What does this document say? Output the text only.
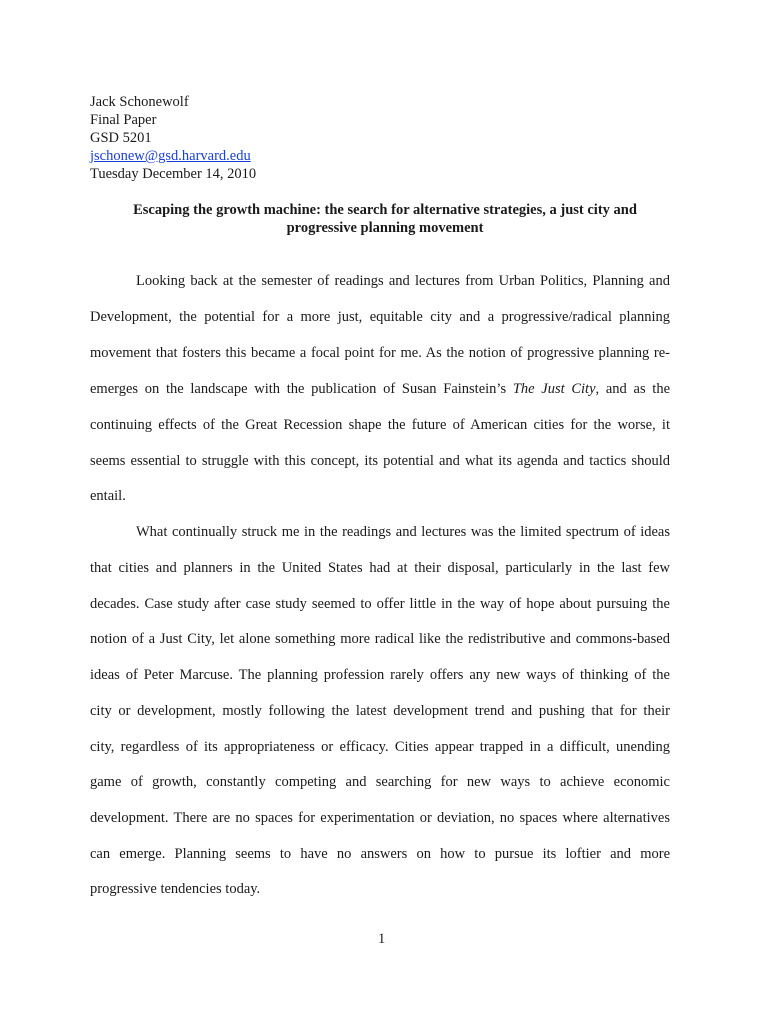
Jack Schonewolf
Final Paper
GSD 5201
jschonew@gsd.harvard.edu
Tuesday December 14, 2010
Escaping the growth machine: the search for alternative strategies, a just city and
progressive planning movement
Looking back at the semester of readings and lectures from Urban Politics, Planning and
Development, the potential for a more just, equitable city and a progressive/radical planning
movement that fosters this became a focal point for me. As the notion of progressive planning re-
emerges on the landscape with the publication of Susan Fainstein’s The Just City, and as the
continuing effects of the Great Recession shape the future of American cities for the worse, it
seems essential to struggle with this concept, its potential and what its agenda and tactics should
entail.
What continually struck me in the readings and lectures was the limited spectrum of ideas
that cities and planners in the United States had at their disposal, particularly in the last few
decades. Case study after case study seemed to offer little in the way of hope about pursuing the
notion of a Just City, let alone something more radical like the redistributive and commons-based
ideas of Peter Marcuse. The planning profession rarely offers any new ways of thinking of the
city or development, mostly following the latest development trend and pushing that for their
city, regardless of its appropriateness or efficacy. Cities appear trapped in a difficult, unending
game of growth, constantly competing and searching for new ways to achieve economic
development. There are no spaces for experimentation or deviation, no spaces where alternatives
can emerge. Planning seems to have no answers on how to pursue its loftier and more
progressive tendencies today.
1
